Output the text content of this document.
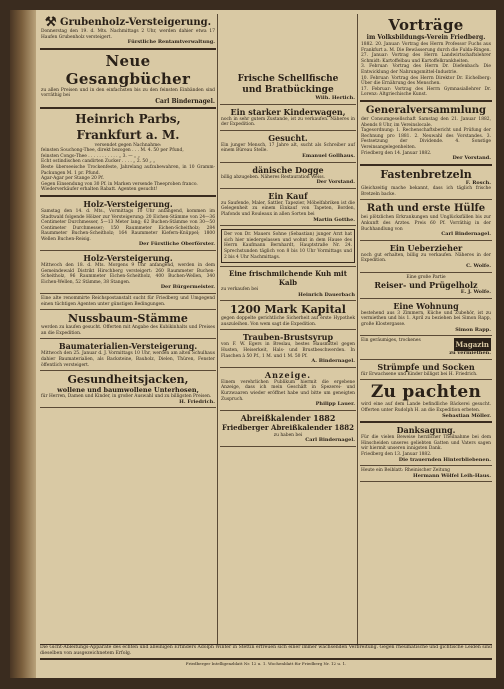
⚒ Grubenholz-Versteigerung.

Donnerstag den 19. d. Mts. Nachmittags 2 Uhr, werden dahier etwa 17 Haufen Grubenholz versteigert.

Fürstliche Rentamtverwaltung.

Neue Gesangbücher

zu allen Preisen und in den einfachsten bis zu den feinsten Einbänden sind vorräthig bei

Carl Bindernagel.

Heinrich Parbs, Frankfurt a. M.

versendet gegen Nachnahme:

feinsten Souchong-Thee, direkt bezogen . . . M. 4. 50 per Pfund,

feinsten Congo-Thee . . . . . . . . . . . „ 3. — „ „

Echt ostindischen candirten Zucker . . . . „ 2. 50 „ „

Beste überseeische Trockenfeste, Jahrelang aufzubewahren, in 10 Gramm-Packungen M. 1 pr. Pfund.

Agar-Agar per Stange 20 Pf.

Gegen Einsendung von 30 Pf. in Marken versende Theeproben franco.

Wiederverkäufer erhalten Rabatt. Agenten gesucht!

Holz-Versteigerung.

Samstag den 14. d. Mts., Vormittags 10 Uhr anfangend, kommen im Stadtwald folgende Hölzer zur Versteigerung: 20 Eichen-Stämme von 24—36 Centimeter Durchmesser, 5—13 Meter lang; 62 Buchen-Stämme von 30—50 Centimeter Durchmesser; 150 Raummeter Eichen-Scheitholz; 284 Raummeter Buchen-Scheitholz; 164 Raummeter Kiefern-Knüppel; 1800 Wellen Buchen-Reisig.

Der Fürstliche Oberförster.

Holz-Versteigerung.

Mittwoch den 18. d. Mts. Morgens 9 Uhr anfangend, werden in dem Gemeindewald Distrikt Hirschberg versteigert: 260 Raummeter Buchen-Scheitholz, 96 Raummeter Eichen-Scheitholz, 400 Buchen-Wellen, 340 Eichen-Wellen, 52 Stämme, 38 Stangen.

Der Bürgermeister.

Eine alte renommirte Reichspostanstalt sucht für Friedberg und Umgegend einen tüchtigen Agenten unter günstigen Bedingungen.

Nussbaum-Stämme

werden zu kaufen gesucht. Offerten mit Angabe des Kubikinhalts und Preises an die Expedition.

Baumaterialien-Versteigerung.

Mittwoch den 25. Januar d. J. Vormittags 10 Uhr, werden am alten Schulhaus dahier Baumaterialien, als Backsteine, Bauholz, Dielen, Thüren, Fenster öffentlich versteigert.

Gesundheitsjacken,
wollene und baumwollene Unterhosen,

für Herren, Damen und Kinder, in großer Auswahl und zu billigsten Preisen.

H. Friedrich.

Frische Schellfische
und Bratbückinge

Wilh. Hertich.

Ein starker Kinderwagen,

noch in sehr gutem Zustande, ist zu verkaufen. Näheres in der Expedition.

Gesucht.

Ein junger Mensch, 17 Jahre alt, sucht als Schreiber auf einem Büreau Stelle.

Emanuel Gollhaus.

dänische Dogge

billig abzugeben. Näheres Restauration Weiss.

Der Vorstand.

Ein Kauf

zu Saufende, Maler, Sattler, Tapezier, Möbelfabriken ist die Gelegenheit zu einem Einkauf von Tapeten, Borden, Plafonds und Rouleaux in allen Sorten bei

Martin Gotthe.

Der von Dr. Mauers Sohne (Sebastian) junger Arzt hat sich hier niedergelassen und wohnt in dem Hause des Herrn Kaufmann Bernhardt, Hauptstraße Nr. 24. Sprechstunden täglich von 8 bis 10 Uhr Vormittags und 2 bis 4 Uhr Nachmittags.

Eine frischmilchende Kuh mit Kalb

zu verkaufen bei

Heinrich Dauerbach

1200 Mark Kapital

gegen doppelte gerichtliche Sicherheit auf erste Hypothek auszuleihen. Von wem sagt die Expedition.

Trauben-Brustsyrup

von F. W. Egers in Breslau, bestes Hausmittel gegen Husten, Heiserkeit, Hals- und Brustbeschwerden. In Flaschen à 50 Pf., 1 M. und 1 M. 50 Pf.

A. Bindernagel.

Anzeige.

Einem verehrlichen Publikum hiermit die ergebene Anzeige, dass ich mein Geschäft in Spezerei- und Kurzwaaren wieder eröffnet habe und bitte um geneigten Zuspruch.

Philipp Lauer.

Abreißkalender 1882
Friedberger Abreißkalender 1882

zu haben bei

Carl Bindernagel.

Vorträge
im Volksbildungs-Verein Friedberg.

1882. 20. Januar: Vortrag des Herrn Professor Fuchs aus Frankfurt a. M. Die Bewässerung durch die Fulda-Ringen.

27. Januar: Vortrag des Herrn Landwirtschaftslehrer Schmidt: Kartoffelbau und Kartoffelkrankheiten.

3. Februar: Vortrag des Herrn Dr. Diefenbach: Die Entwicklung der Nahrungsmittel-Industrie.

10. Februar: Vortrag des Herrn Direktor Dr. Eichelberg: Über die Ernährung des Menschen.

17. Februar: Vortrag des Herrn Gymnasiallehrer Dr. Lorenz: Altgriechische Kunst.

Generalversammlung

der Consumgesellschaft Samstag den 21. Januar 1882, Abends 8 Uhr, im Vereinslocale.

Tagesordnung: 1. Rechenschaftsbericht und Prüfung der Rechnung pro 1881. 2. Neuwahl des Vorstandes. 3. Festsetzung der Dividende. 4. Sonstige Vereinsangelegenheiten.

Friedberg den 14. Januar 1882.

Der Vorstand.

Fastenbretzeln

F. Rosch.

Gleichzeitig mache bekannt, dass ich täglich frische Bretzeln backe.

Rath und erste Hülfe

bei plötzlichen Erkrankungen und Unglücksfällen bis zur Ankunft des Arztes. Preis 60 Pf. Vorräthig in der Buchhandlung von

Carl Bindernagel.

Ein Ueberzieher

noch gut erhalten, billig zu verkaufen. Näheres in der Expedition.

C. Wolfe.

Eine große Partie

Reiser- und Prügelholz

E. J. Wolfe.

Eine Wohnung

bestehend aus 3 Zimmern, Küche und Zubehör, ist zu vermiethen und bis 1. April zu beziehen bei Simon Rapp, große Klostergasse.

Simon Rapp.

Ein geräumiges, trockenes	Magazin

zu vermiethen.

Strümpfe und Socken

für Erwachsene und Kinder billigst bei H. Friedrich.

Zu pachten

wird eine auf dem Lande befindliche Bäckerei gesucht. Offerten unter Rudolph H. an die Expedition erbeten.

Sebastian Möller.

Danksagung.

Für die vielen Beweise herzlicher Theilnahme bei dem Hinscheiden unseres geliebten Gatten und Vaters sagen wir hiermit unseren innigsten Dank.

Friedberg den 13. Januar 1882.

Die trauernden Hinterbliebenen.

Heute ein Beiblatt: Rheinischer Zeitung

Hermann Wölfel Leih-Haus.

Die Gicht-Ableitungs-Apparate des echten und alleinigen Erfinders Adolph Winter in Stettin erfreuen sich einer immer wachsenden Verbreitung. Gegen rheumatische und gichtische Leiden sind dieselben von ausgezeichnetem Erfolg.

Friedberger Intelligenzblatt Nr. 12 u. 1. Wochenblatt für Friedberg Nr. 12 u. 1.
